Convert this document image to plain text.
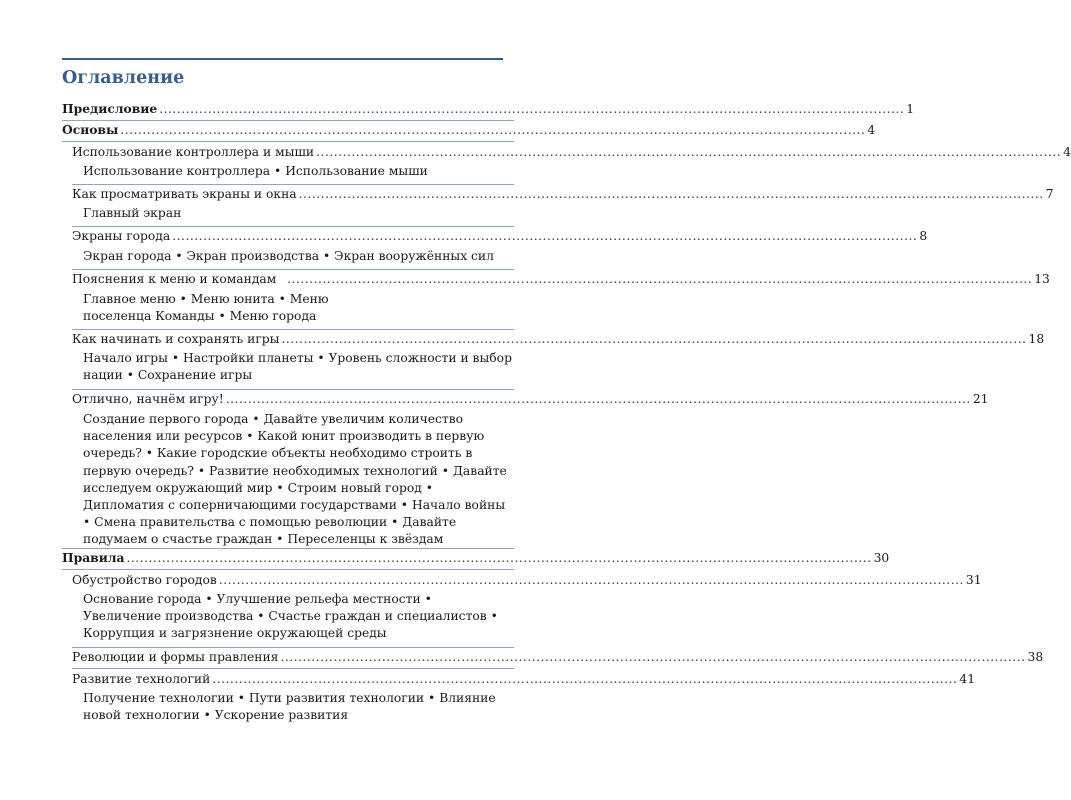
Оглавление
Предисловие ......................................................................................................................................................................... 1
Основы ......................................................................................................................................................................... 4
Использование контроллера и мыши ......................................................................................................................................................................... 4

Использование контроллера • Использование мыши

Как просматривать экраны и окна ......................................................................................................................................................................... 7

Главный экран

Экраны города ......................................................................................................................................................................... 8

Экран города • Экран производства • Экран вооружённых сил

Пояснения к меню и командам ......................................................................................................................................................................... 13

Главное меню • Меню юнита • Меню поселенца Команды • Меню города

Как начинать и сохранять игры ......................................................................................................................................................................... 18

Начало игры • Настройки планеты • Уровень сложности и выбор нации • Сохранение игры

Отлично, начнём игру! ......................................................................................................................................................................... 21

Создание первого города • Давайте увеличим количество населения или ресурсов • Какой юнит производить в первую очередь? • Какие городские объекты необходимо строить в первую очередь? • Развитие необходимых технологий • Давайте исследуем окружающий мир • Строим новый город • Дипломатия с соперничающими государствами • Начало войны • Смена правительства с помощью революции • Давайте подумаем о счастье граждан • Переселенцы к звёздам

Правила ......................................................................................................................................................................... 30
Обустройство городов ......................................................................................................................................................................... 31

Основание города • Улучшение рельефа местности • Увеличение производства • Счастье граждан и специалистов • Коррупция и загрязнение окружающей среды

Революции и формы правления ......................................................................................................................................................................... 38
Развитие технологий ......................................................................................................................................................................... 41

Получение технологии • Пути развития технологии • Влияние новой технологии • Ускорение развития
